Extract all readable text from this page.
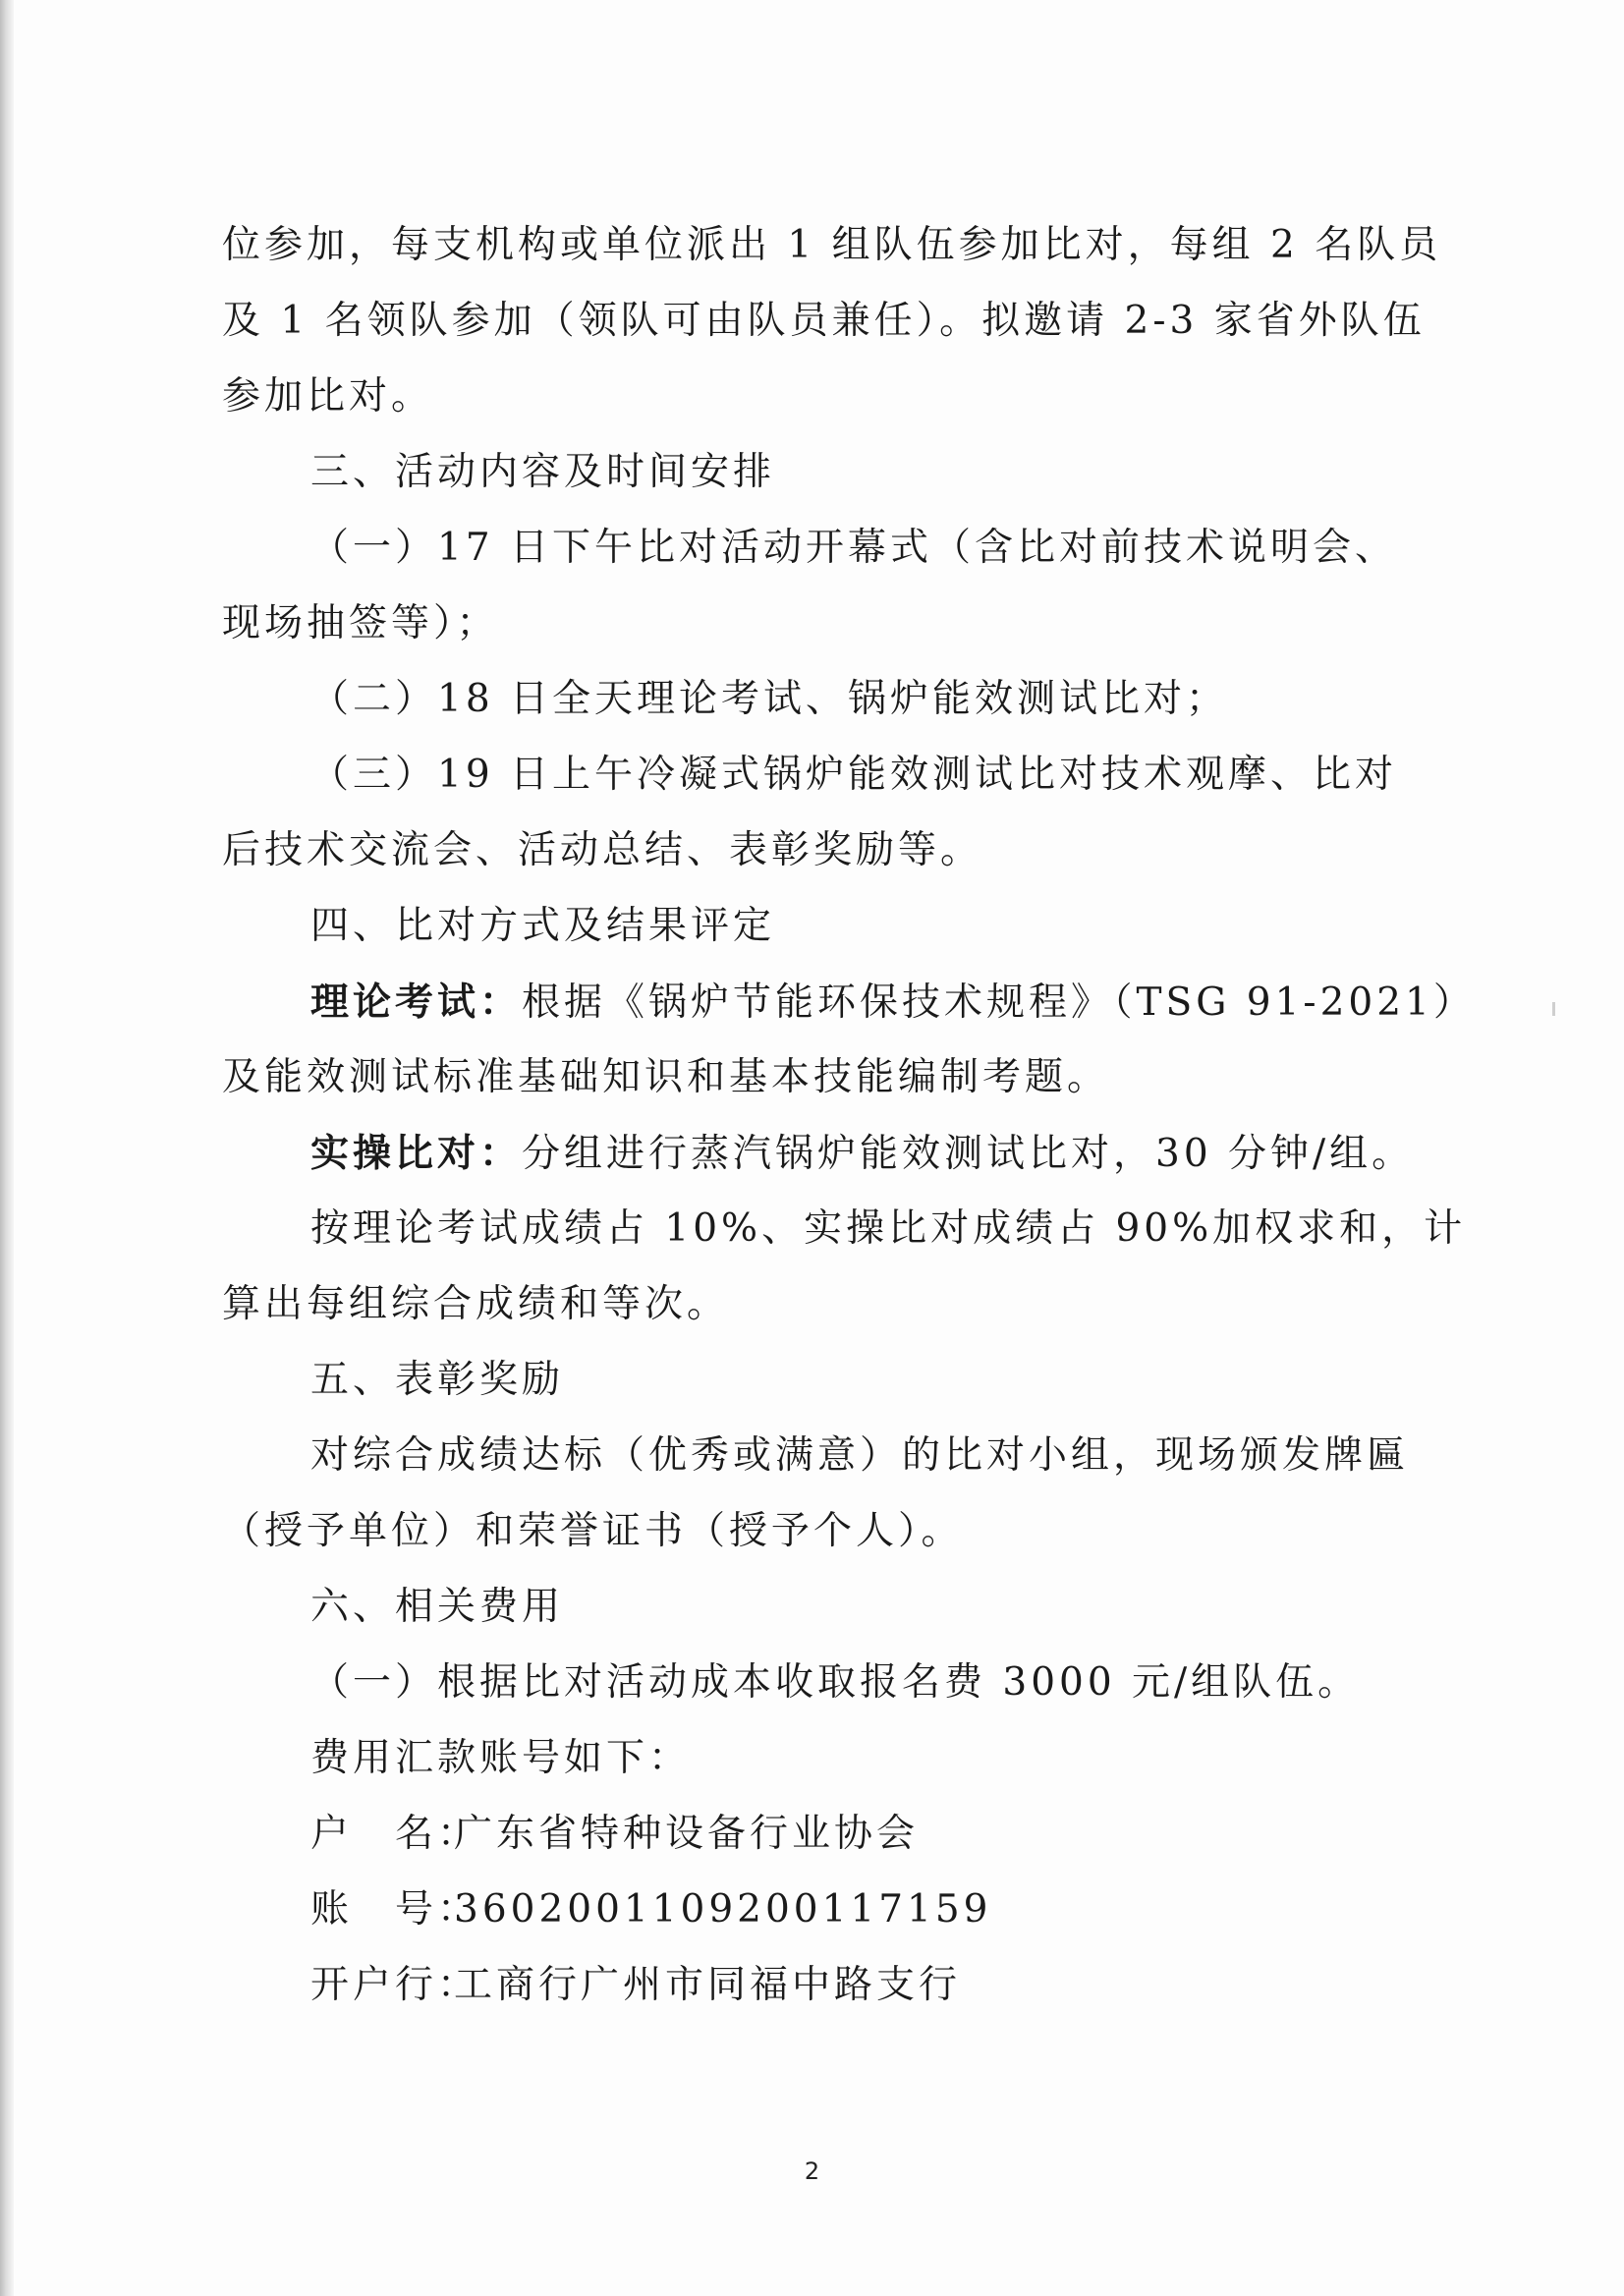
位参加，每支机构或单位派出 1 组队伍参加比对，每组 2 名队员
及 1 名领队参加（领队可由队员兼任）。拟邀请 2-3 家省外队伍
参加比对。
三、活动内容及时间安排
（一）17 日下午比对活动开幕式（含比对前技术说明会、
现场抽签等）；
（二）18 日全天理论考试、锅炉能效测试比对；
（三）19 日上午冷凝式锅炉能效测试比对技术观摩、比对
后技术交流会、活动总结、表彰奖励等。
四、比对方式及结果评定
理论考试：根据《锅炉节能环保技术规程》（TSG 91-2021）
及能效测试标准基础知识和基本技能编制考题。
实操比对：分组进行蒸汽锅炉能效测试比对，30 分钟/组。
按理论考试成绩占 10%、实操比对成绩占 90%加权求和，计
算出每组综合成绩和等次。
五、表彰奖励
对综合成绩达标（优秀或满意）的比对小组，现场颁发牌匾
（授予单位）和荣誉证书（授予个人）。
六、相关费用
（一）根据比对活动成本收取报名费 3000 元/组队伍。
费用汇款账号如下：
户　名：广东省特种设备行业协会
账　号：3602001109200117159
开户行：工商行广州市同福中路支行
2
